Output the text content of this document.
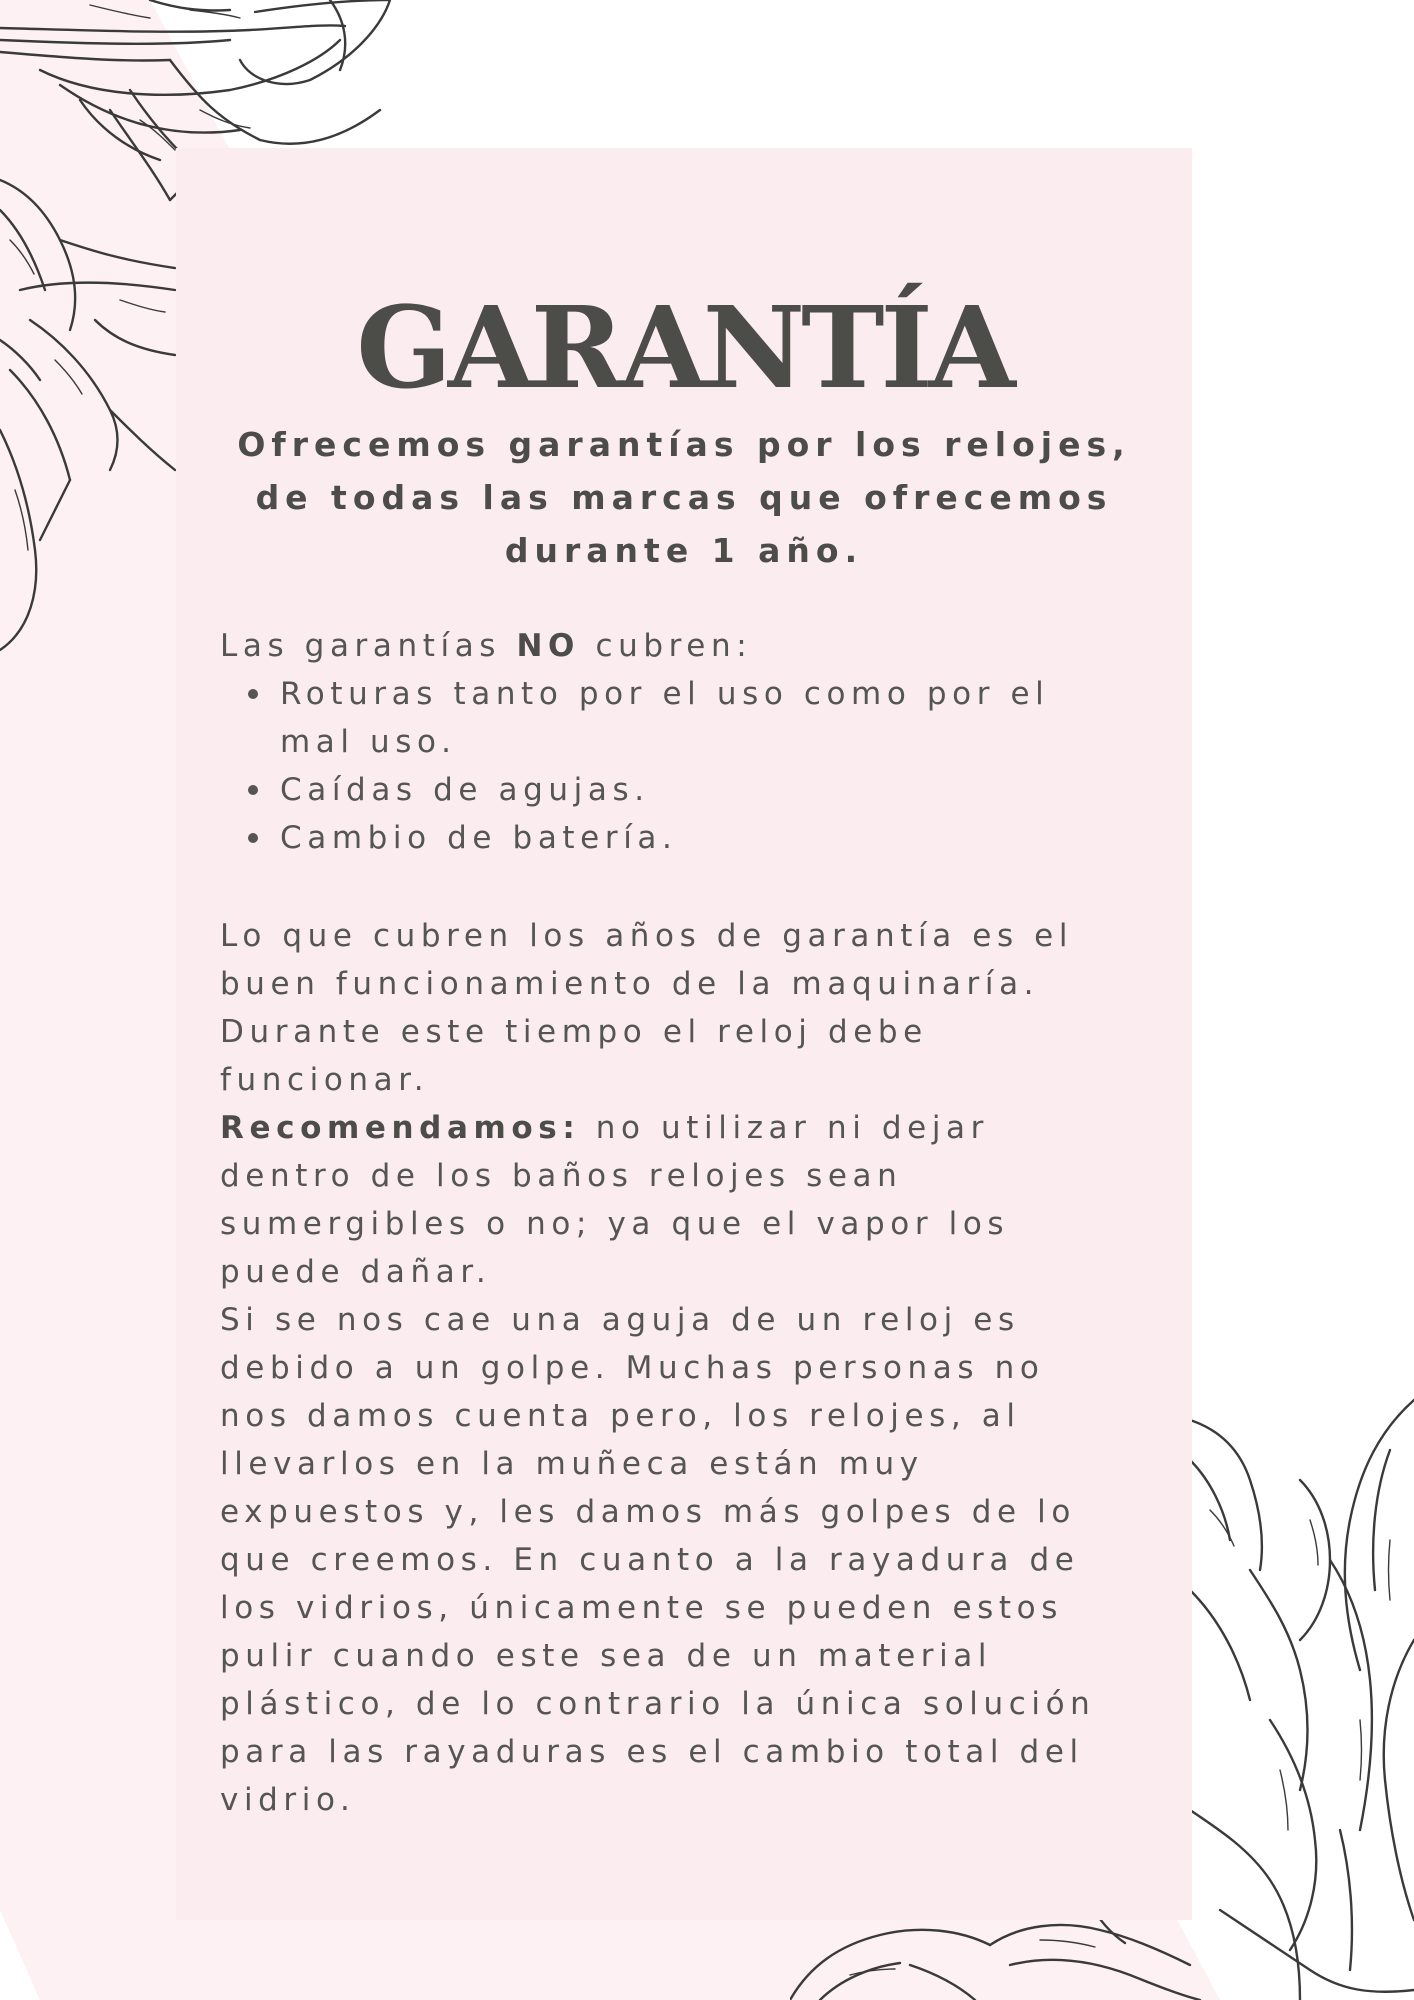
GARANTÍA
Ofrecemos garantías por los relojes, de todas las marcas que ofrecemos durante 1 año.
Las garantías NO cubren:
Roturas tanto por el uso como por el mal uso.
Caídas de agujas.
Cambio de batería.
Lo que cubren los años de garantía es el buen funcionamiento de la maquinaría. Durante este tiempo el reloj debe funcionar.
Recomendamos: no utilizar ni dejar dentro de los baños relojes sean sumergibles o no; ya que el vapor los puede dañar.
Si se nos cae una aguja de un reloj es debido a un golpe. Muchas personas no nos damos cuenta pero, los relojes, al llevarlos en la muñeca están muy expuestos y, les damos más golpes de lo que creemos. En cuanto a la rayadura de los vidrios, únicamente se pueden estos pulir cuando este sea de un material plástico, de lo contrario la única solución para las rayaduras es el cambio total del vidrio.
